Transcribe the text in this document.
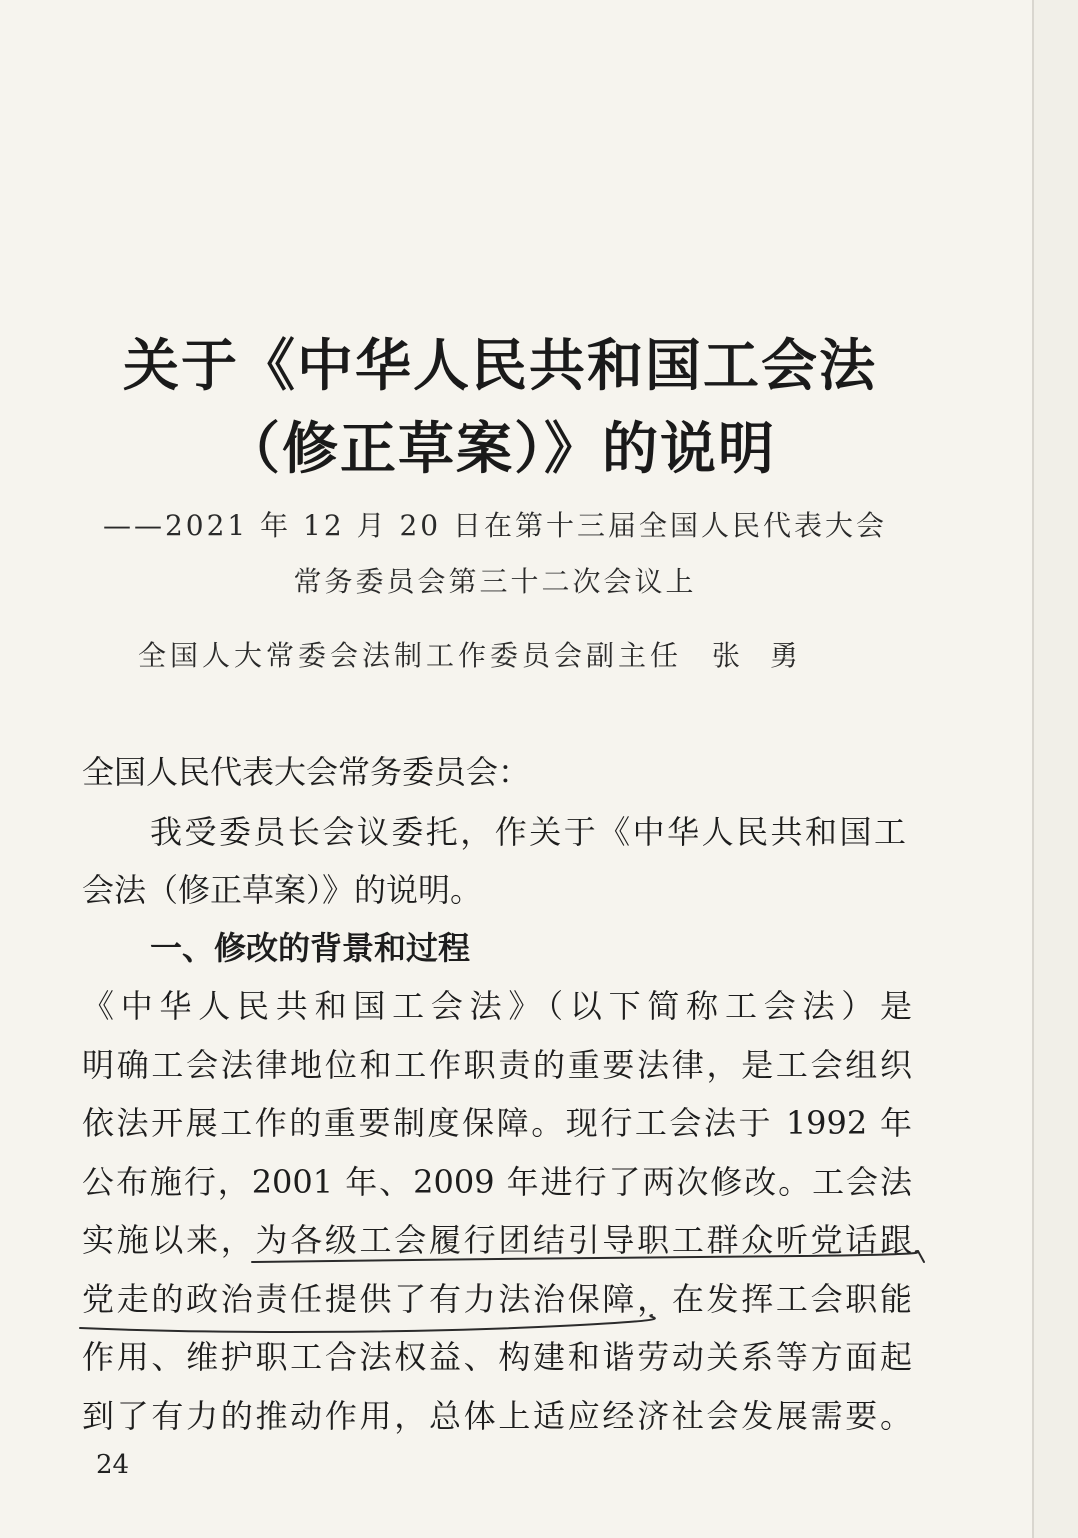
关于《中华人民共和国工会法
（修正草案）》的说明
——2021 年 12 月 20 日在第十三届全国人民代表大会
常务委员会第三十二次会议上
全国人大常委会法制工作委员会副主任 张勇
全国人民代表大会常务委员会：
我受委员长会议委托，作关于《中华人民共和国工
会法（修正草案）》的说明。
一、修改的背景和过程
《中华人民共和国工会法》（以下简称工会法）是
明确工会法律地位和工作职责的重要法律，是工会组织
依法开展工作的重要制度保障。现行工会法于 1992 年
公布施行，2001 年、2009 年进行了两次修改。工会法
实施以来，为各级工会履行团结引导职工群众听党话跟
党走的政治责任提供了有力法治保障，在发挥工会职能
作用、维护职工合法权益、构建和谐劳动关系等方面起
到了有力的推动作用，总体上适应经济社会发展需要。
24
